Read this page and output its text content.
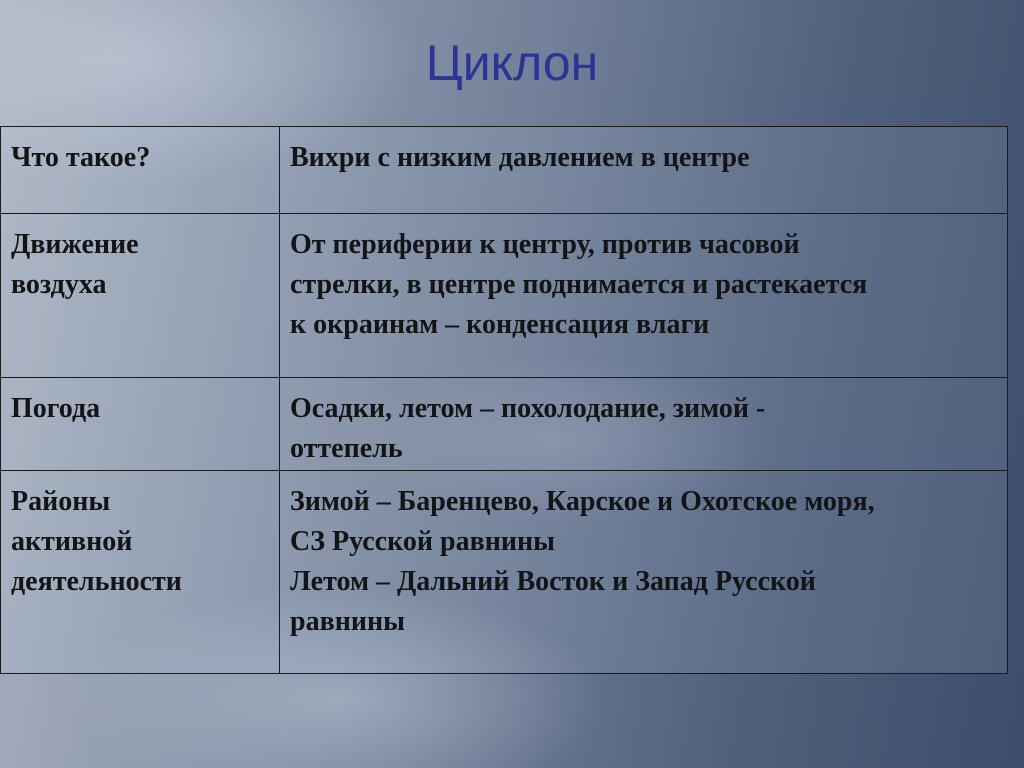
Циклон
Что такое?	Вихри с низким давлением в центре

Движение
воздуха	От периферии к центру, против часовой
стрелки, в центре поднимается и растекается
к окраинам – конденсация влаги

Погода	Осадки, летом – похолодание, зимой -
оттепель

Районы
активной
деятельности	Зимой – Баренцево, Карское и Охотское моря,
СЗ Русской равнины
Летом – Дальний Восток и Запад Русской
равнины
